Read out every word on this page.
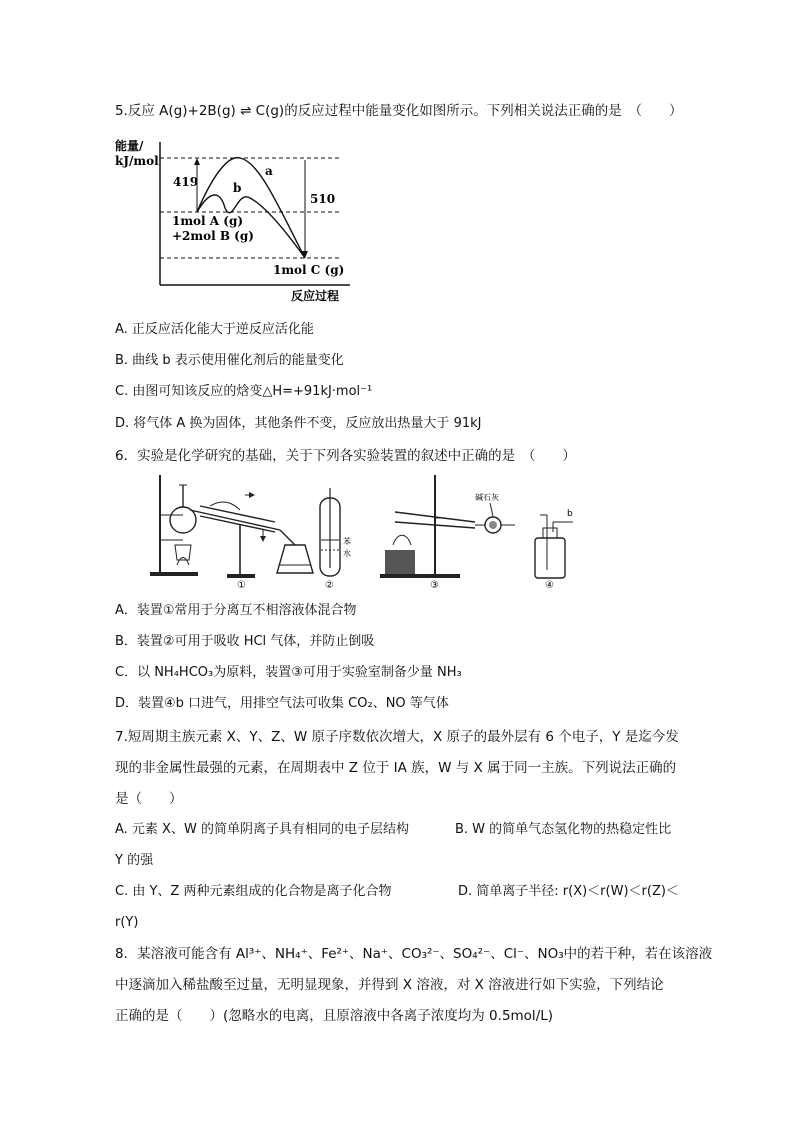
5.反应 A(g)+2B(g) ⇌ C(g)的反应过程中能量变化如图所示。下列相关说法正确的是　（　　）
能量/
kJ/mol
419
510
a
b
1mol A (g)
+2mol B (g)
1mol C (g)
反应过程
A. 正反应活化能大于逆反应活化能
B. 曲线 b 表示使用催化剂后的能量变化
C. 由图可知该反应的焓变△H=+91kJ·mol⁻¹
D. 将气体 A 换为固体，其他条件不变，反应放出热量大于 91kJ
6．实验是化学研究的基础，关于下列各实验装置的叙述中正确的是　（　　）
①
苯
水
②
碱石灰
③
b
④
A．装置①常用于分离互不相溶液体混合物
B．装置②可用于吸收 HCl 气体，并防止倒吸
C．以 NH₄HCO₃为原料，装置③可用于实验室制备少量 NH₃
D．装置④b 口进气，用排空气法可收集 CO₂、NO 等气体
7.短周期主族元素 X、Y、Z、W 原子序数依次增大，X 原子的最外层有 6 个电子，Y 是迄今发
现的非金属性最强的元素，在周期表中 Z 位于 IA 族，W 与 X 属于同一主族。下列说法正确的
是（　　）
A. 元素 X、W 的简单阴离子具有相同的电子层结构	B. W 的简单气态氢化物的热稳定性比
Y 的强
C. 由 Y、Z 两种元素组成的化合物是离子化合物	D. 简单离子半径: r(X)＜r(W)＜r(Z)＜
r(Y)
8．某溶液可能含有 Al³⁺、NH₄⁺、Fe²⁺、Na⁺、CO₃²⁻、SO₄²⁻、Cl⁻、NO₃中的若干种，若在该溶液
中逐滴加入稀盐酸至过量，无明显现象，并得到 X 溶液，对 X 溶液进行如下实验，下列结论
正确的是（　　）(忽略水的电离，且原溶液中各离子浓度均为 0.5mol/L)
